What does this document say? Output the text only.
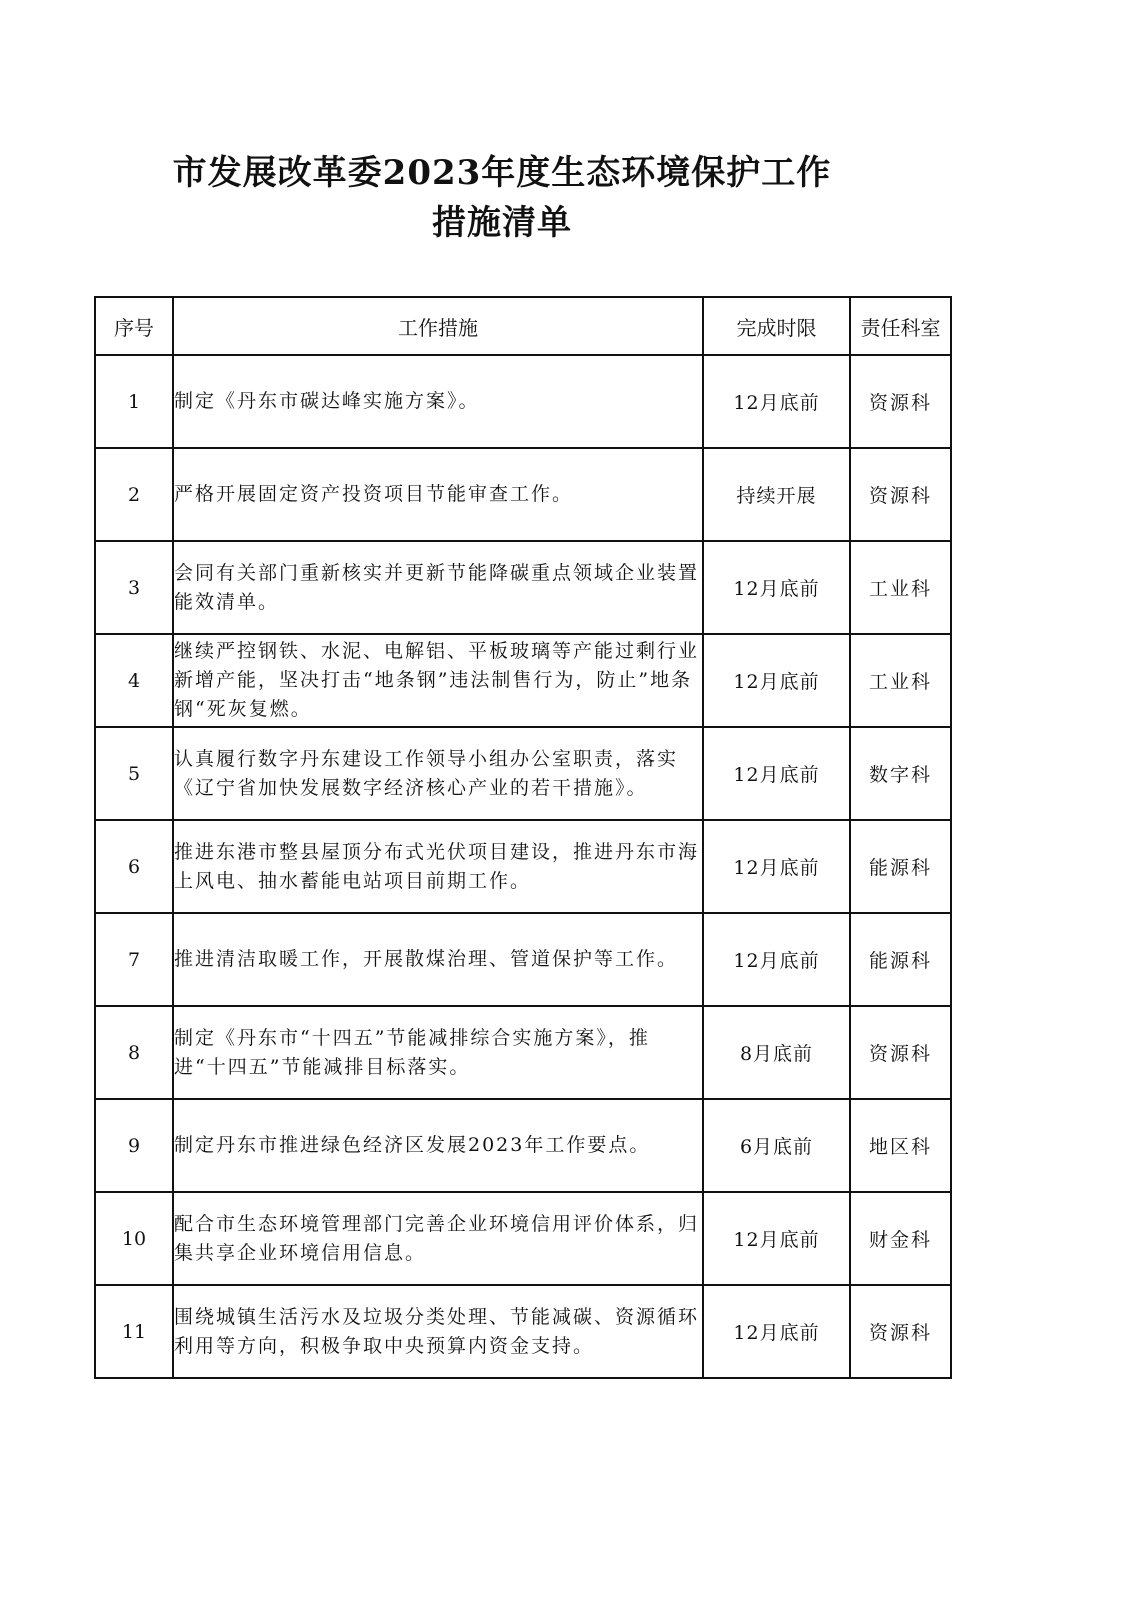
市发展改革委2023年度生态环境保护工作
措施清单
序号	工作措施	完成时限	责任科室
1	制定《丹东市碳达峰实施方案》。	12月底前	资源科
2	严格开展固定资产投资项目节能审查工作。	持续开展	资源科
3	会同有关部门重新核实并更新节能降碳重点领域企业装置能效清单。	12月底前	工业科
4	继续严控钢铁、水泥、电解铝、平板玻璃等产能过剩行业新增产能，坚决打击“地条钢”违法制售行为，防止”地条钢“死灰复燃。	12月底前	工业科
5	认真履行数字丹东建设工作领导小组办公室职责，落实《辽宁省加快发展数字经济核心产业的若干措施》。	12月底前	数字科
6	推进东港市整县屋顶分布式光伏项目建设，推进丹东市海上风电、抽水蓄能电站项目前期工作。	12月底前	能源科
7	推进清洁取暖工作，开展散煤治理、管道保护等工作。	12月底前	能源科
8	制定《丹东市“十四五”节能减排综合实施方案》，推进“十四五”节能减排目标落实。	8月底前	资源科
9	制定丹东市推进绿色经济区发展2023年工作要点。	6月底前	地区科
10	配合市生态环境管理部门完善企业环境信用评价体系，归集共享企业环境信用信息。	12月底前	财金科
11	围绕城镇生活污水及垃圾分类处理、节能减碳、资源循环利用等方向，积极争取中央预算内资金支持。	12月底前	资源科
